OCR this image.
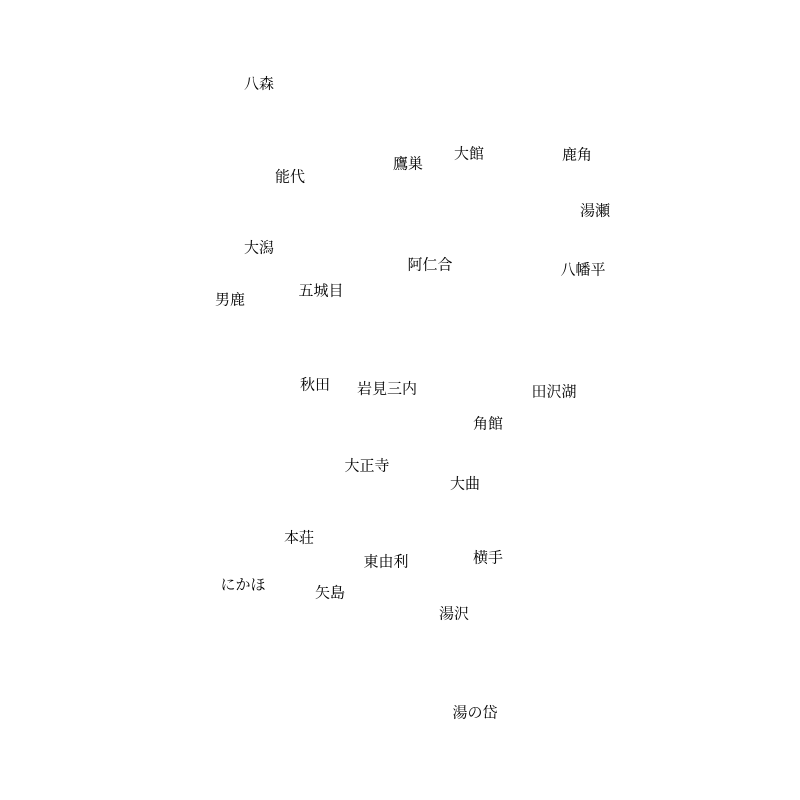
八森
大館	鹿角
鷹巣
能代
湯瀬
大潟
阿仁合	八幡平
五城目
男鹿
秋田 岩見三内	田沢湖
角館
大正寺
大曲
本荘
東由利	横手
にかほ	矢島
湯沢
湯の岱
